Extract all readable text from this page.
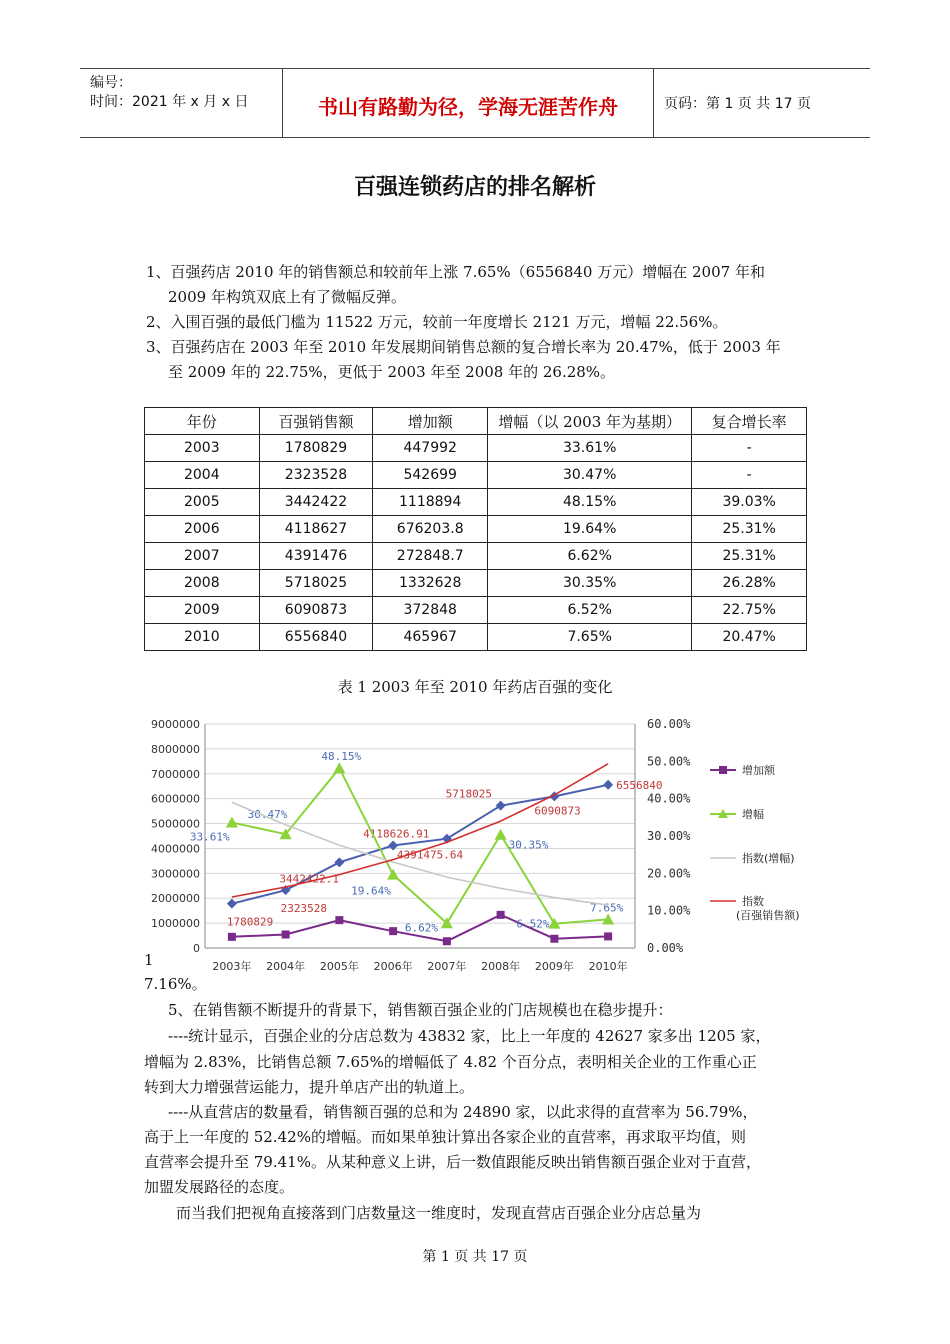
编号：
时间：2021 年 x 月 x 日	书山有路勤为径，学海无涯苦作舟	页码：第 1 页 共 17 页
百强连锁药店的排名解析
1、百强药店 2010 年的销售额总和较前年上涨 7.65%（6556840 万元）增幅在 2007 年和
2009 年构筑双底上有了微幅反弹。
2、入围百强的最低门槛为 11522 万元，较前一年度增长 2121 万元，增幅 22.56%。
3、百强药店在 2003 年至 2010 年发展期间销售总额的复合增长率为 20.47%，低于 2003 年
至 2009 年的 22.75%，更低于 2003 年至 2008 年的 26.28%。
年份	百强销售额	增加额	增幅（以 2003 年为基期）	复合增长率
2003	1780829	447992	33.61%	-
2004	2323528	542699	30.47%	-
2005	3442422	1118894	48.15%	39.03%
2006	4118627	676203.8	19.64%	25.31%
2007	4391476	272848.7	6.62%	25.31%
2008	5718025	1332628	30.35%	26.28%
2009	6090873	372848	6.52%	22.75%
2010	6556840	465967	7.65%	20.47%
表 1 2003 年至 2010 年药店百强的变化
0
1000000
2000000
3000000
4000000
5000000
6000000
7000000
8000000
9000000
0.00%
10.00%
20.00%
30.00%
40.00%
50.00%
60.00%
2003年 2004年 2005年 2006年 2007年 2008年 2009年 2010年
1780829
2323528
3442422.1
4118626.91
4391475.64
5718025
6090873
6556840
33.61%
30.47%
48.15%
19.64%
6.62%
30.35%
6.52%
7.65%
增加额
增幅
指数(增幅)
指数
(百强销售额)
1
7.16%。
5、在销售额不断提升的背景下，销售额百强企业的门店规模也在稳步提升：
----统计显示，百强企业的分店总数为 43832 家，比上一年度的 42627 家多出 1205 家，
增幅为 2.83%，比销售总额 7.65%的增幅低了 4.82 个百分点，表明相关企业的工作重心正
转到大力增强营运能力，提升单店产出的轨道上。
----从直营店的数量看，销售额百强的总和为 24890 家，以此求得的直营率为 56.79%，
高于上一年度的 52.42%的增幅。而如果单独计算出各家企业的直营率，再求取平均值，则
直营率会提升至 79.41%。从某种意义上讲，后一数值跟能反映出销售额百强企业对于直营，
加盟发展路径的态度。
而当我们把视角直接落到门店数量这一维度时，发现直营店百强企业分店总量为
第 1 页 共 17 页
